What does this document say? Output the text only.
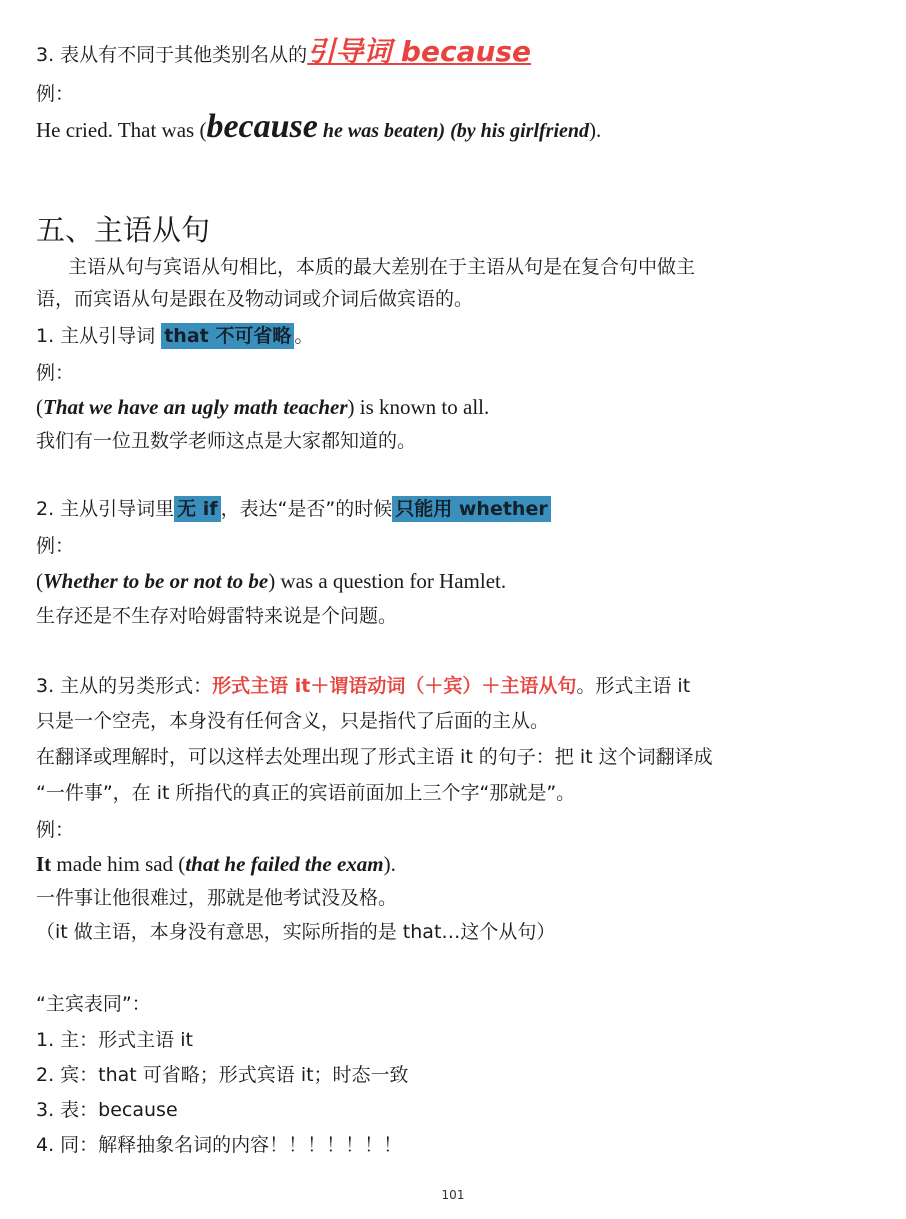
3. 表从有不同于其他类别名从的引导词 because
例：
He cried. That was (because he was beaten) (by his girlfriend).
五、主语从句
主语从句与宾语从句相比，本质的最大差别在于主语从句是在复合句中做主
语，而宾语从句是跟在及物动词或介词后做宾语的。
1. 主从引导词 that 不可省略 。
例：
(That we have an ugly math teacher) is known to all.
我们有一位丑数学老师这点是大家都知道的。
2. 主从引导词里 无 if ，表达“是否”的时候 只能用 whether
例：
(Whether to be or not to be) was a question for Hamlet.
生存还是不生存对哈姆雷特来说是个问题。
3. 主从的另类形式：形式主语 it＋谓语动词（＋宾）＋主语从句。形式主语 it
只是一个空壳，本身没有任何含义，只是指代了后面的主从。
在翻译或理解时，可以这样去处理出现了形式主语 it 的句子：把 it 这个词翻译成
“一件事”，在 it 所指代的真正的宾语前面加上三个字“那就是”。
例：
It made him sad (that he failed the exam).
一件事让他很难过，那就是他考试没及格。
（it 做主语，本身没有意思，实际所指的是 that…这个从句）
“主宾表同”：
1. 主：形式主语 it
2. 宾：that 可省略；形式宾语 it；时态一致
3. 表：because
4. 同：解释抽象名词的内容！！！！！！！
101
